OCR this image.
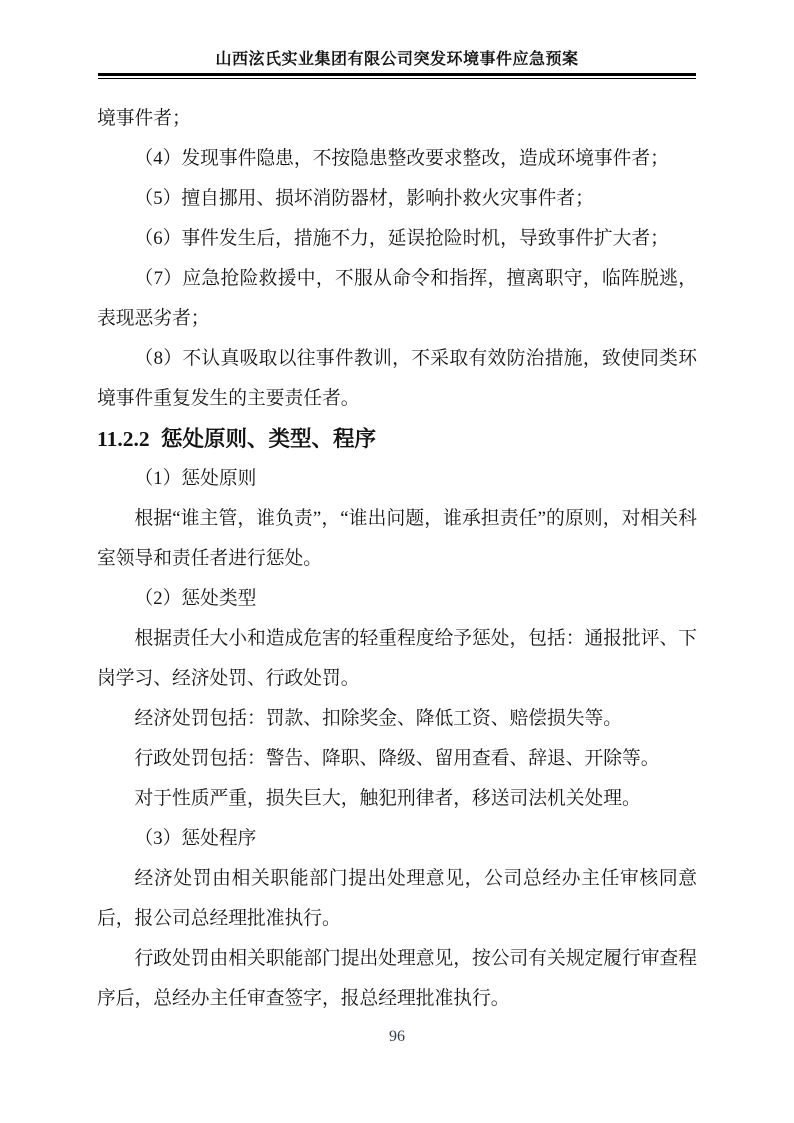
山西泫氏实业集团有限公司突发环境事件应急预案

境事件者；

（4）发现事件隐患，不按隐患整改要求整改，造成环境事件者；

（5）擅自挪用、损坏消防器材，影响扑救火灾事件者；

（6）事件发生后，措施不力，延误抢险时机，导致事件扩大者；

（7）应急抢险救援中，不服从命令和指挥，擅离职守，临阵脱逃，表现恶劣者；

（8）不认真吸取以往事件教训，不采取有效防治措施，致使同类环境事件重复发生的主要责任者。

11.2.2 惩处原则、类型、程序

（1）惩处原则

根据“谁主管，谁负责”，“谁出问题，谁承担责任”的原则，对相关科室领导和责任者进行惩处。

（2）惩处类型

根据责任大小和造成危害的轻重程度给予惩处，包括：通报批评、下岗学习、经济处罚、行政处罚。

经济处罚包括：罚款、扣除奖金、降低工资、赔偿损失等。

行政处罚包括：警告、降职、降级、留用查看、辞退、开除等。

对于性质严重，损失巨大，触犯刑律者，移送司法机关处理。

（3）惩处程序

经济处罚由相关职能部门提出处理意见，公司总经办主任审核同意后，报公司总经理批准执行。

行政处罚由相关职能部门提出处理意见，按公司有关规定履行审查程序后，总经办主任审查签字，报总经理批准执行。

96
